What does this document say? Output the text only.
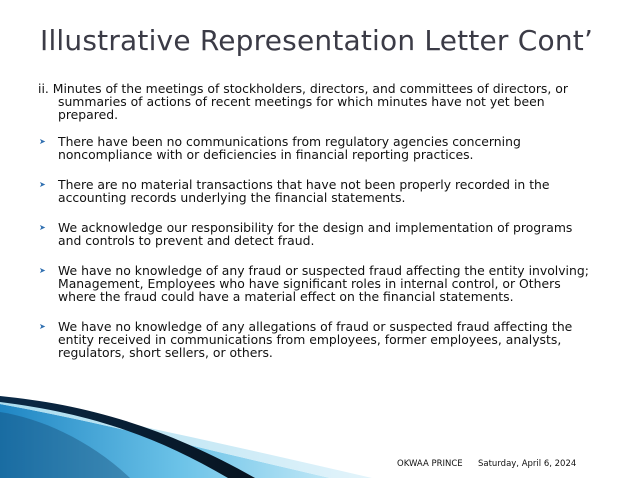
Illustrative Representation Letter Cont’

ii. Minutes of the meetings of stockholders, directors, and committees of directors, or summaries of actions of recent meetings for which minutes have not yet been prepared.

➤ There have been no communications from regulatory agencies concerning noncompliance with or deficiencies in financial reporting practices.
➤ There are no material transactions that have not been properly recorded in the accounting records underlying the financial statements.
➤ We acknowledge our responsibility for the design and implementation of programs and controls to prevent and detect fraud.
➤ We have no knowledge of any fraud or suspected fraud affecting the entity involving; Management, Employees who have significant roles in internal control, or Others where the fraud could have a material effect on the financial statements.
➤ We have no knowledge of any allegations of fraud or suspected fraud affecting the entity received in communications from employees, former employees, analysts, regulators, short sellers, or others.
OKWAA PRINCE Saturday, April 6, 2024
